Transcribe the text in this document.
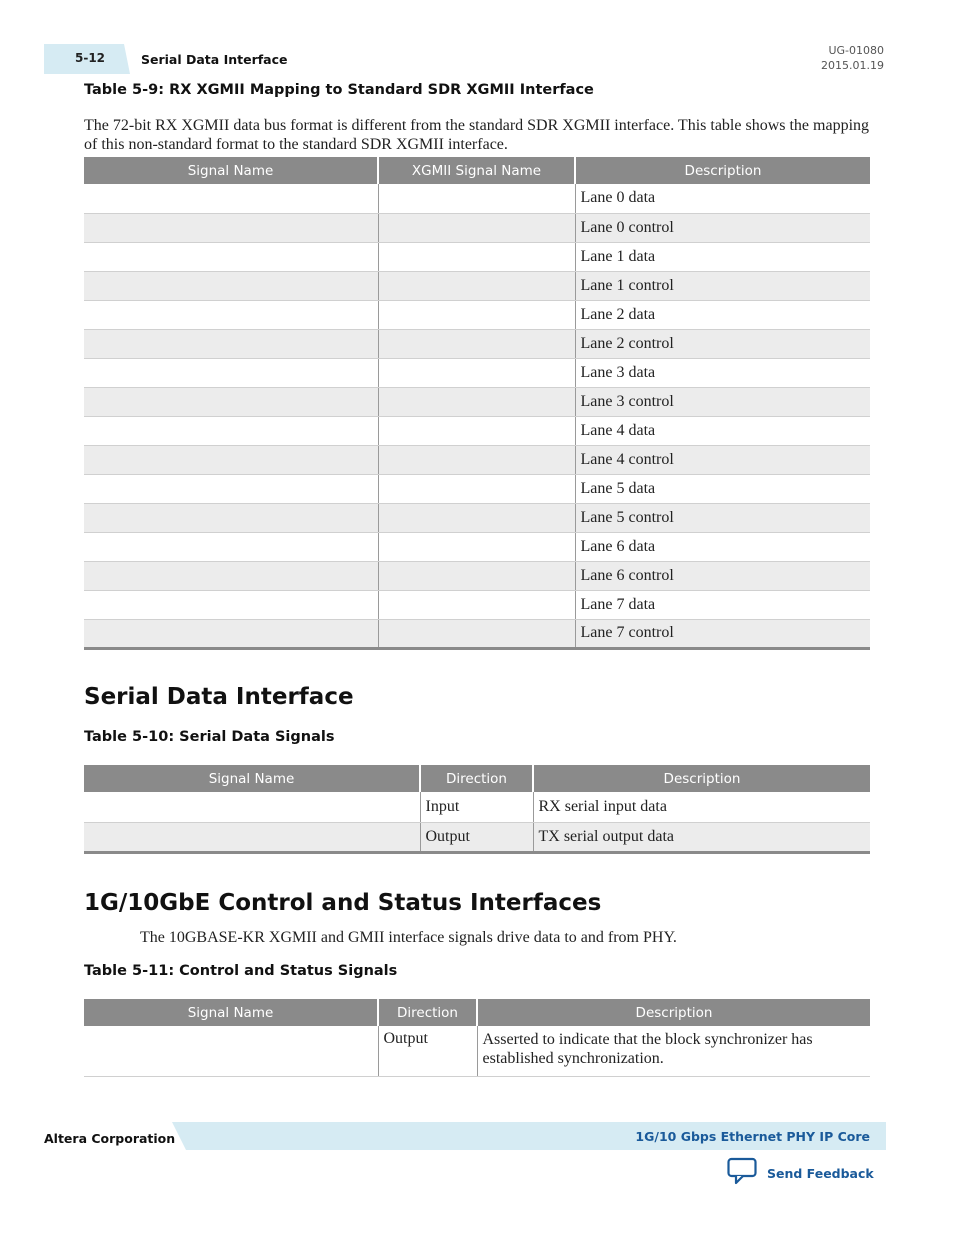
5-12	Serial Data Interface
UG-01080
2015.01.19
Table 5-9: RX XGMII Mapping to Standard SDR XGMII Interface
The 72-bit RX XGMII data bus format is different from the standard SDR XGMII interface. This table shows the mapping of this non-standard format to the standard SDR XGMII interface.
Signal Name	XGMII Signal Name	Description
		Lane 0 data
		Lane 0 control
		Lane 1 data
		Lane 1 control
		Lane 2 data
		Lane 2 control
		Lane 3 data
		Lane 3 control
		Lane 4 data
		Lane 4 control
		Lane 5 data
		Lane 5 control
		Lane 6 data
		Lane 6 control
		Lane 7 data
		Lane 7 control
Serial Data Interface
Table 5-10: Serial Data Signals
Signal Name	Direction	Description
	Input	RX serial input data
	Output	TX serial output data
1G/10GbE Control and Status Interfaces
The 10GBASE-KR XGMII and GMII interface signals drive data to and from PHY.
Table 5-11: Control and Status Signals
Signal Name	Direction	Description
	Output	Asserted to indicate that the block synchronizer has established synchronization.
Altera Corporation	1G/10 Gbps Ethernet PHY IP Core
Send Feedback
